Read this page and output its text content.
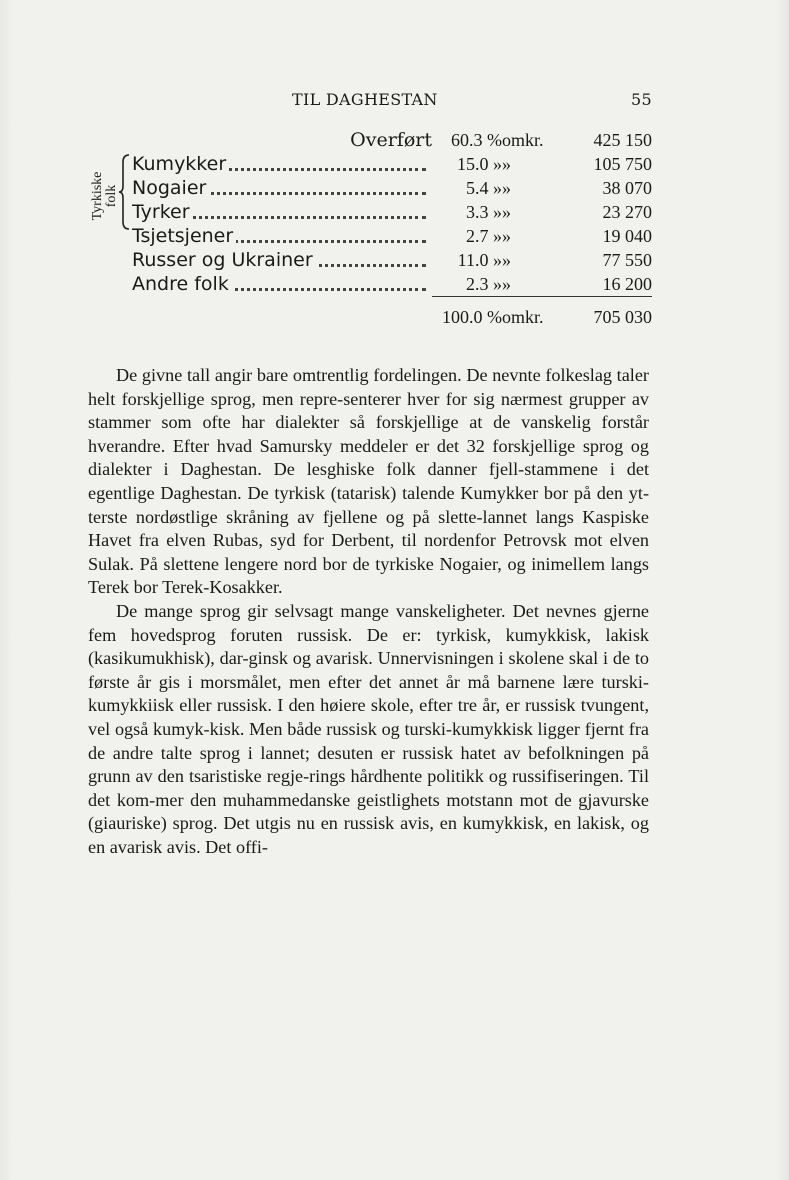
TIL DAGHESTAN	55
Tyrkiske folk
Overført	60.3 %	omkr.	425 150
Kumykker	15.0 »	»	105 750
Nogaier	5.4 »	»	38 070
Tyrker	3.3 »	»	23 270
Tsjetsjener	2.7 »	»	19 040
Russer og Ukrainer	11.0 »	»	77 550
Andre folk	2.3 »	»	16 200

	100.0 %	omkr.	705 030

De givne tall angir bare omtrentlig fordelingen. De nevnte folkeslag taler helt forskjellige sprog, men repre-senterer hver for sig nærmest grupper av stammer som ofte har dialekter så forskjellige at de vanskelig forstår hverandre. Efter hvad Samursky meddeler er det 32 forskjellige sprog og dialekter i Daghestan. De lesghiske folk danner fjell-stammene i det egentlige Daghestan. De tyrkisk (tatarisk) talende Kumykker bor på den yt-terste nordøstlige skråning av fjellene og på slette-lannet langs Kaspiske Havet fra elven Rubas, syd for Derbent, til nordenfor Petrovsk mot elven Sulak. På slettene lengere nord bor de tyrkiske Nogaier, og inimellem langs Terek bor Terek-Kosakker.

De mange sprog gir selvsagt mange vanskeligheter. Det nevnes gjerne fem hovedsprog foruten russisk. De er: tyrkisk, kumykkisk, lakisk (kasikumukhisk), dar-ginsk og avarisk. Unnervisningen i skolene skal i de to første år gis i morsmålet, men efter det annet år må barnene lære turski-kumykkiisk eller russisk. I den høiere skole, efter tre år, er russisk tvungent, vel også kumyk-kisk. Men både russisk og turski-kumykkisk ligger fjernt fra de andre talte sprog i lannet; desuten er russisk hatet av befolkningen på grunn av den tsaristiske regje-rings hårdhente politikk og russifiseringen. Til det kom-mer den muhammedanske geistlighets motstann mot de gjavurske (giauriske) sprog. Det utgis nu en russisk avis, en kumykkisk, en lakisk, og en avarisk avis. Det offi-
